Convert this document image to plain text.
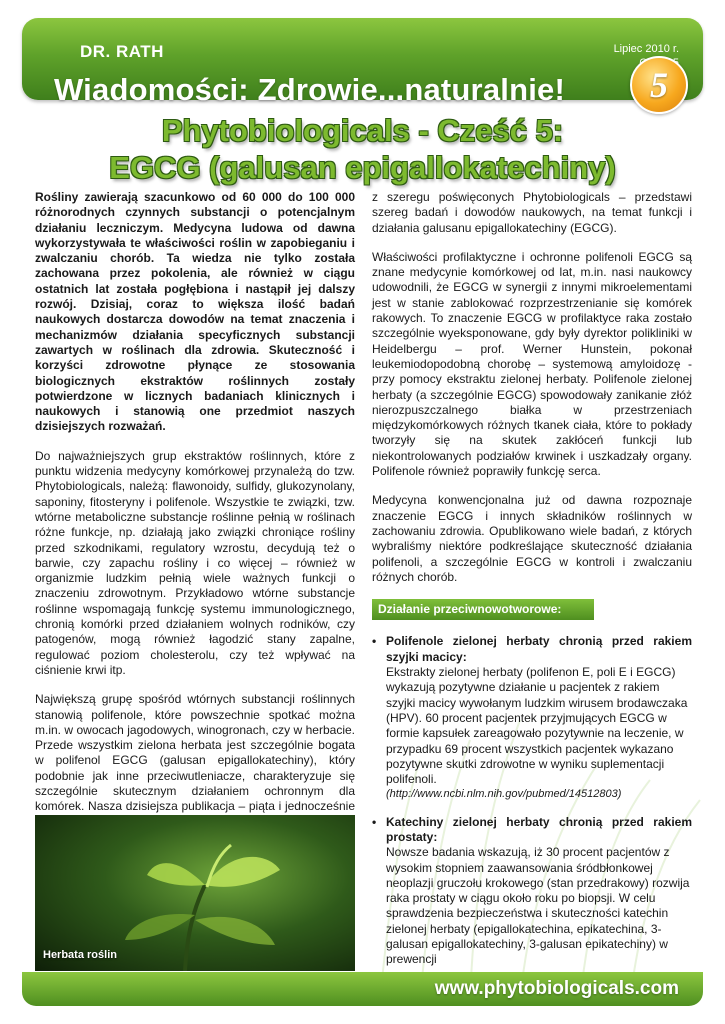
DR. RATH	Lipiec 2010 r.
Wiadomości: Zdrowie...naturalnie!	5
Phytobiologicals - Cześć 5:
EGCG (galusan epigallokatechiny)

Rośliny zawierają szacunkowo od 60 000 do 100 000 różnorodnych czynnych substancji o potencjalnym działaniu leczniczym. Medycyna ludowa od dawna wykorzystywała te właściwości roślin w zapobieganiu i zwalczaniu chorób. Ta wiedza nie tylko została zachowana przez pokolenia, ale również w ciągu ostatnich lat została pogłębiona i nastąpił jej dalszy rozwój. Dzisiaj, coraz to większa ilość badań naukowych dostarcza dowodów na temat znaczenia i mechanizmów działania specyficznych substancji zawartych w roślinach dla zdrowia. Skuteczność i korzyści zdrowotne płynące ze stosowania biologicznych ekstraktów roślinnych zostały potwierdzone w licznych badaniach klinicznych i naukowych i stanowią one przedmiot naszych dzisiejszych rozważań.

Do najważniejszych grup ekstraktów roślinnych, które z punktu widzenia medycyny komórkowej przynależą do tzw. Phytobiologicals, należą: flawonoidy, sulfidy, glukozynolany, saponiny, fitosteryny i polifenole. Wszystkie te związki, tzw. wtórne metaboliczne substancje roślinne pełnią w roślinach różne funkcje, np. działają jako związki chroniące rośliny przed szkodnikami, regulatory wzrostu, decydują też o barwie, czy zapachu rośliny i co więcej – również w organizmie ludzkim pełnią wiele ważnych funkcji o znaczeniu zdrowotnym. Przykładowo wtórne substancje roślinne wspomagają funkcję systemu immunologicznego, chronią komórki przed działaniem wolnych rodników, czy patogenów, mogą również łagodzić stany zapalne, regulować poziom cholesterolu, czy też wpływać na ciśnienie krwi itp.

Największą grupę spośród wtórnych substancji roślinnych stanowią polifenole, które powszechnie spotkać można m.in. w owocach jagodowych, winogronach, czy w herbacie. Przede wszystkim zielona herbata jest szczególnie bogata w polifenol EGCG (galusan epigallokatechiny), który podobnie jak inne przeciwutleniacze, charakteryzuje się szczególnie skutecznym działaniem ochronnym dla komórek. Nasza dzisiejsza publikacja – piąta i jednocześnie

Herbata roślin

z szeregu poświęconych Phytobiologicals – przedstawi szereg badań i dowodów naukowych, na temat funkcji i działania galusanu epigallokatechiny (EGCG).

Właściwości profilaktyczne i ochronne polifenoli EGCG są znane medycynie komórkowej od lat, m.in. nasi naukowcy udowodnili, że EGCG w synergii z innymi mikroelementami jest w stanie zablokować rozprzestrzenianie się komórek rakowych. To znaczenie EGCG w profilaktyce raka zostało szczególnie wyeksponowane, gdy były dyrektor polikliniki w Heidelbergu – prof. Werner Hunstein, pokonał leukemiodopodobną chorobę – systemową amyloidozę - przy pomocy ekstraktu zielonej herbaty. Polifenole zielonej herbaty (a szczególnie EGCG) spowodowały zanikanie złóż nierozpuszczalnego białka w przestrzeniach międzykomórkowych różnych tkanek ciała, które to pokłady tworzyły się na skutek zakłóceń funkcji lub niekontrolowanych podziałów krwinek i uszkadzały organy. Polifenole również poprawiły funkcję serca.

Medycyna konwencjonalna już od dawna rozpoznaje znaczenie EGCG i innych składników roślinnych w zachowaniu zdrowia. Opublikowano wiele badań, z których wybraliśmy niektóre podkreślające skuteczność działania polifenoli, a szczególnie EGCG w kontroli i zwalczaniu różnych chorób.

Działanie przeciwnowotworowe:
• Polifenole zielonej herbaty chronią przed rakiem szyjki macicy:
Ekstrakty zielonej herbaty (polifenon E, poli E i EGCG) wykazują pozytywne działanie u pacjentek z rakiem szyjki macicy wywołanym ludzkim wirusem brodawczaka (HPV). 60 procent pacjentek przyjmujących EGCG w formie kapsułek zareagowało pozytywnie na leczenie, w przypadku 69 procent wszystkich pacjentek wykazano pozytywne skutki zdrowotne w wyniku suplementacji polifenoli.
(http://www.ncbi.nlm.nih.gov/pubmed/14512803)
• Katechiny zielonej herbaty chronią przed rakiem prostaty:
Nowsze badania wskazują, iż 30 procent pacjentów z wysokim stopniem zaawansowania śródbłonkowej neoplazji gruczołu krokowego (stan przedrakowy) rozwija raka prostaty w ciągu około roku po biopsji. W celu sprawdzenia bezpieczeństwa i skuteczności katechin zielonej herbaty (epigallokatechina, epikatechina, 3-galusan epigallokatechiny, 3-galusan epikatechiny) w prewencji
www.phytobiologicals.com
